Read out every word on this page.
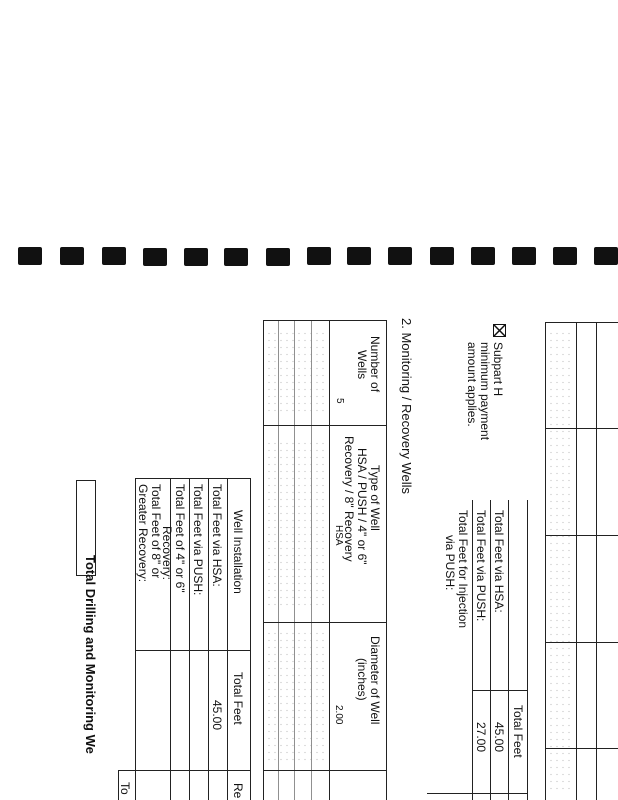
Total Feet
Total Feet via HSA:
45.00
Total Feet via PUSH:
27.00
Total Feet for Injection
via PUSH:
Subpart H
minimum payment
amount applies.
2. Monitoring / Recovery Wells
Number of
Wells
Type of Well
HSA / PUSH / 4" or 6"
Recovery / 8" Recovery
Diameter of Well
(inches)
5
HSA
2.00
Well Installation
Total Feet
Re
Total Feet via HSA:
45.00
Total Feet via PUSH:
Total Feet of 4" or 6"
Recovery:
Total Feet of 8" or
Greater Recovery:
To
Total Drilling and Monitoring We
